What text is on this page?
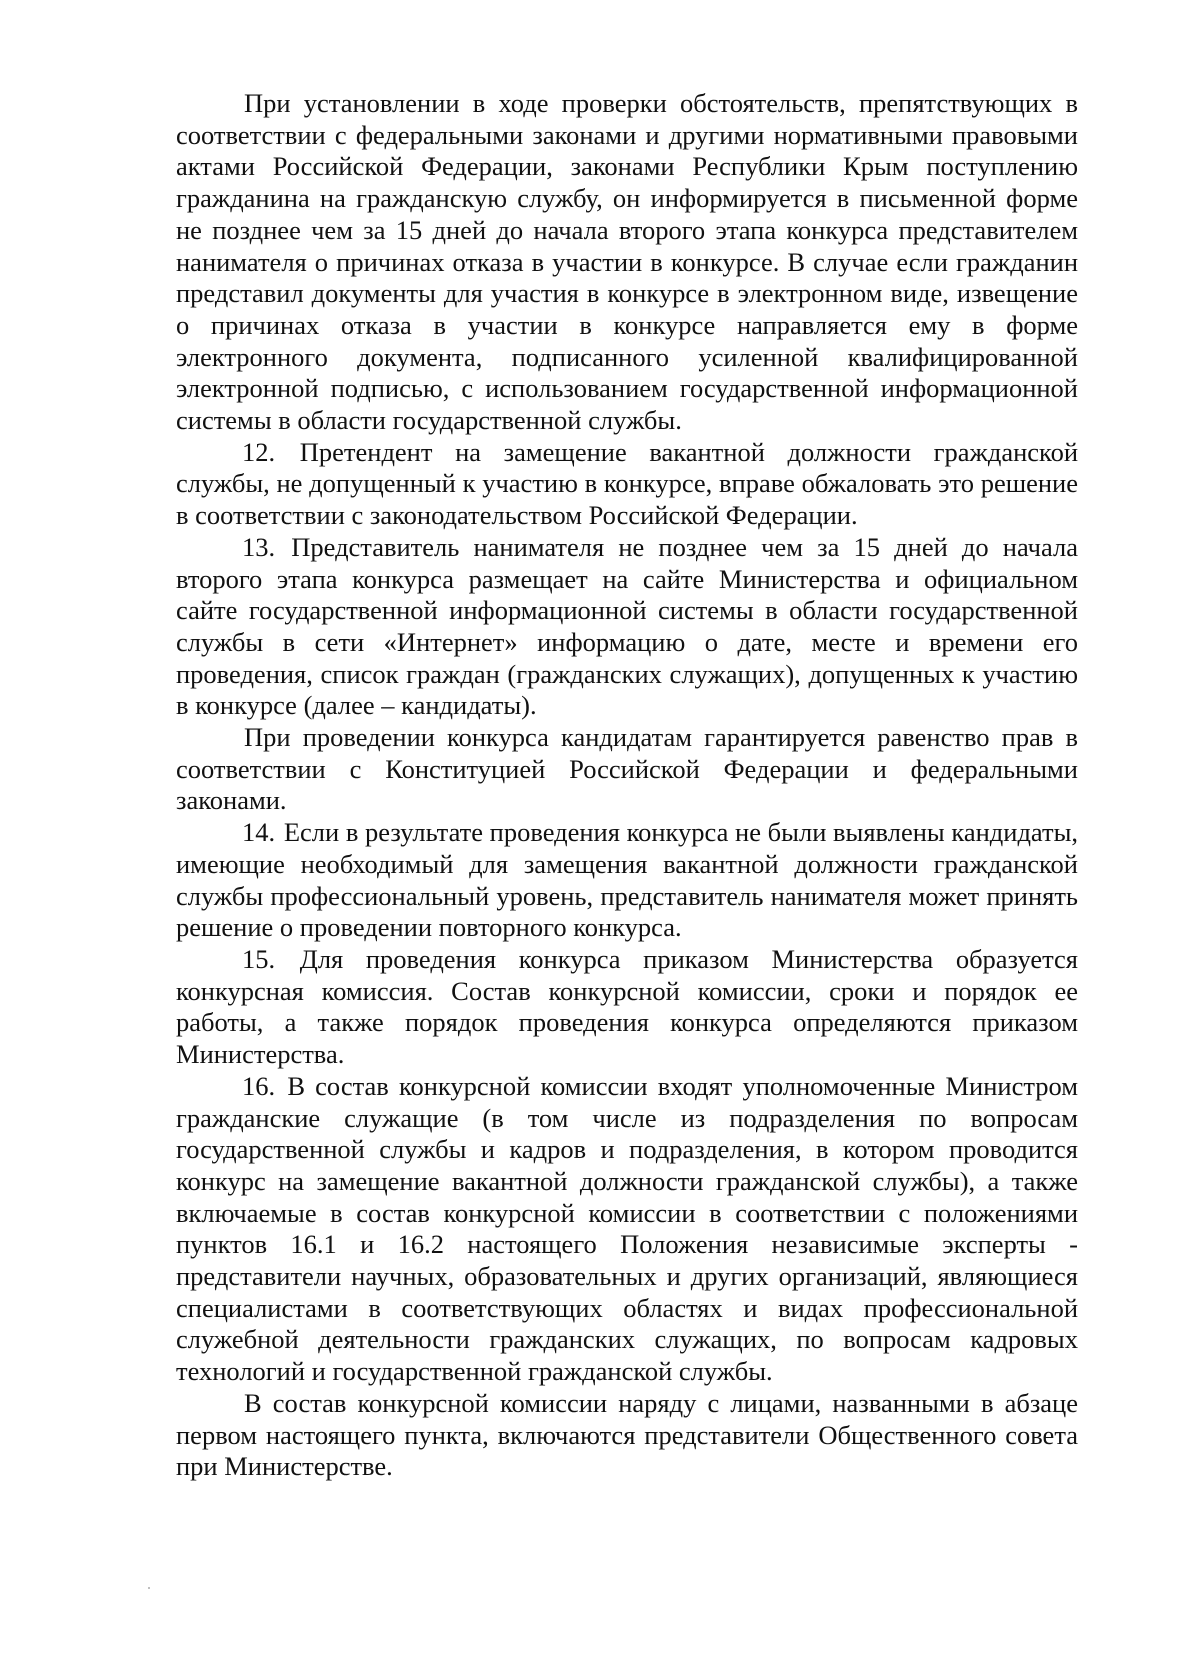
При установлении в ходе проверки обстоятельств, препятствующих в соответствии с федеральными законами и другими нормативными правовыми актами Российской Федерации, законами Республики Крым поступлению гражданина на гражданскую службу, он информируется в письменной форме не позднее чем за 15 дней до начала второго этапа конкурса представителем нанимателя о причинах отказа в участии в конкурсе. В случае если гражданин представил документы для участия в конкурсе в электронном виде, извещение о причинах отказа в участии в конкурсе направляется ему в форме электронного документа, подписанного усиленной квалифицированной электронной подписью, с использованием государственной информационной системы в области государственной службы.

12. Претендент на замещение вакантной должности гражданской службы, не допущенный к участию в конкурсе, вправе обжаловать это решение в соответствии с законодательством Российской Федерации.

13. Представитель нанимателя не позднее чем за 15 дней до начала второго этапа конкурса размещает на сайте Министерства и официальном сайте государственной информационной системы в области государственной службы в сети «Интернет» информацию о дате, месте и времени его проведения, список граждан (гражданских служащих), допущенных к участию в конкурсе (далее – кандидаты).

При проведении конкурса кандидатам гарантируется равенство прав в соответствии с Конституцией Российской Федерации и федеральными законами.

14. Если в результате проведения конкурса не были выявлены кандидаты, имеющие необходимый для замещения вакантной должности гражданской службы профессиональный уровень, представитель нанимателя может принять решение о проведении повторного конкурса.

15. Для проведения конкурса приказом Министерства образуется конкурсная комиссия. Состав конкурсной комиссии, сроки и порядок ее работы, а также порядок проведения конкурса определяются приказом Министерства.

16. В состав конкурсной комиссии входят уполномоченные Министром гражданские служащие (в том числе из подразделения по вопросам государственной службы и кадров и подразделения, в котором проводится конкурс на замещение вакантной должности гражданской службы), а также включаемые в состав конкурсной комиссии в соответствии с положениями пунктов 16.1 и 16.2 настоящего Положения независимые эксперты - представители научных, образовательных и других организаций, являющиеся специалистами в соответствующих областях и видах профессиональной служебной деятельности гражданских служащих, по вопросам кадровых технологий и государственной гражданской службы.

В состав конкурсной комиссии наряду с лицами, названными в абзаце первом настоящего пункта, включаются представители Общественного совета при Министерстве.
